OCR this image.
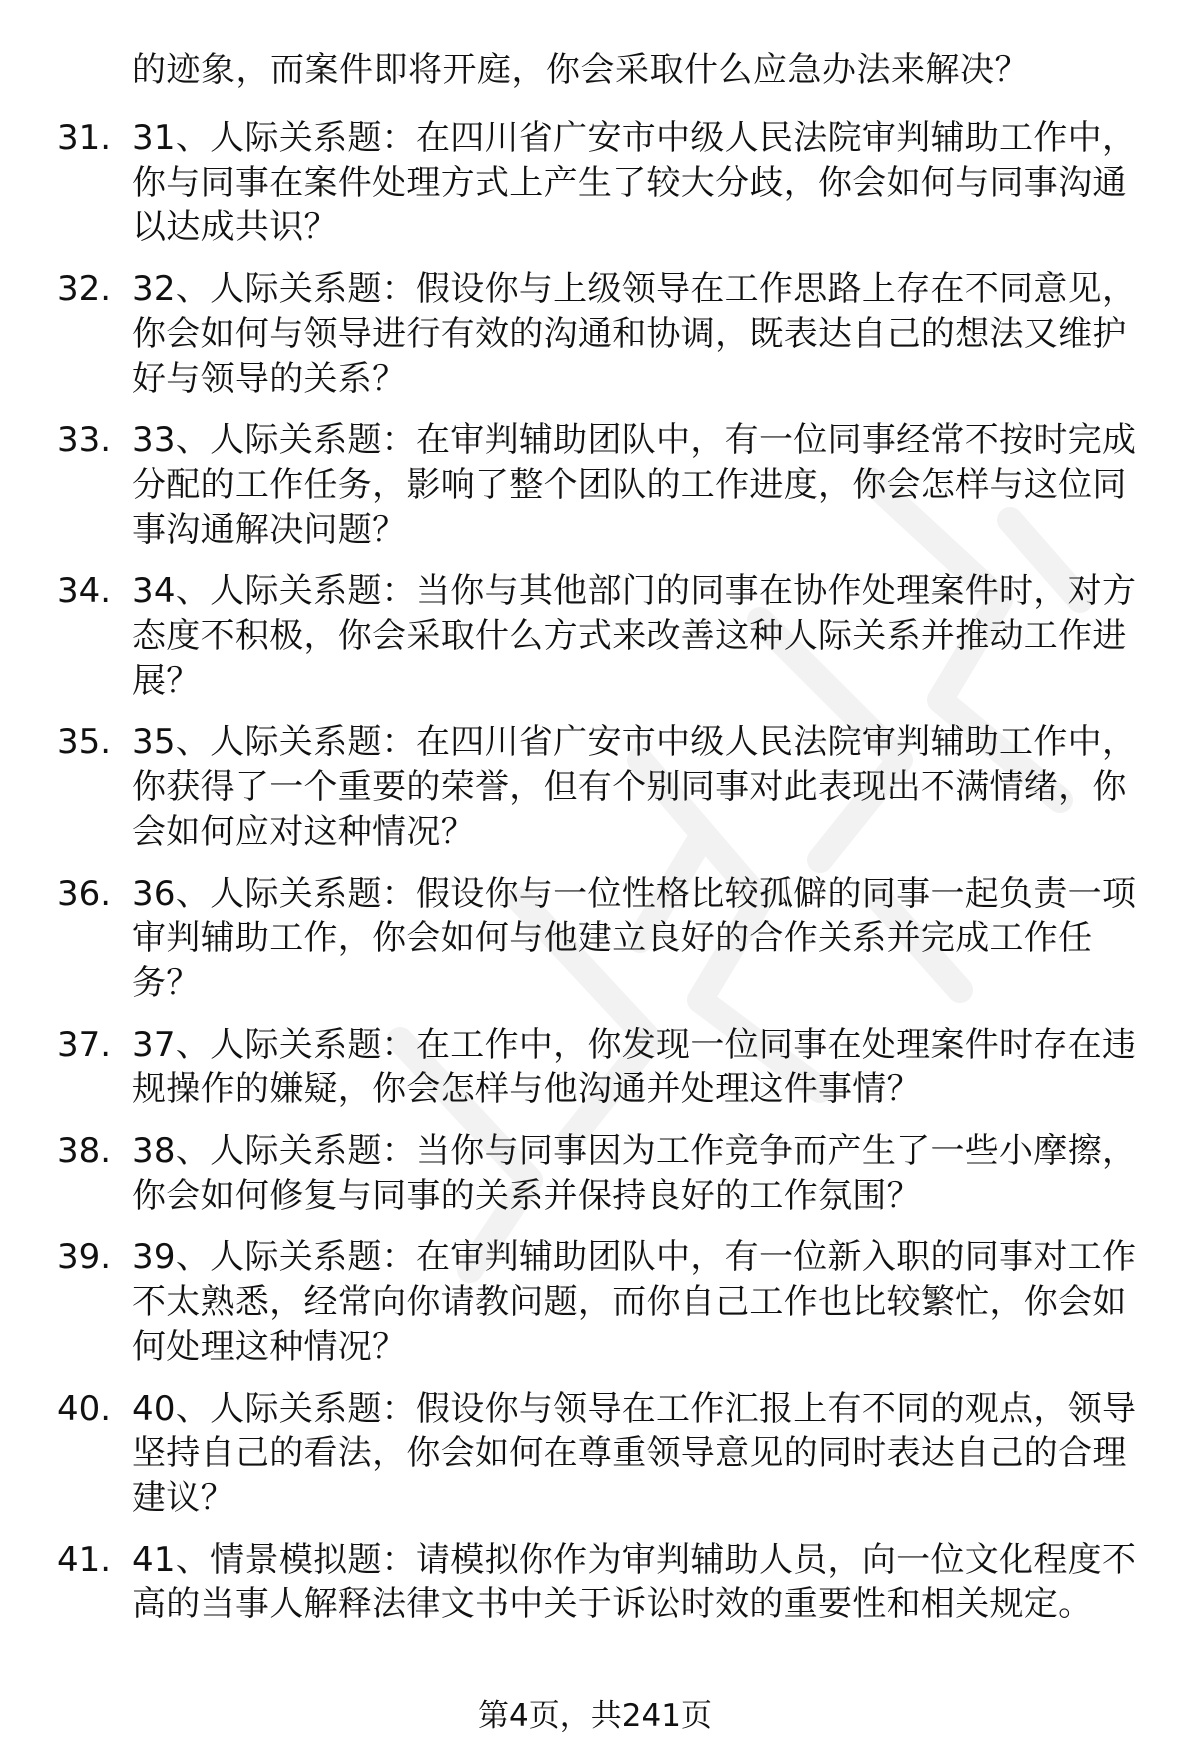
的迹象，而案件即将开庭，你会采取什么应急办法来解决？
31. 31、人际关系题：在四川省广安市中级人民法院审判辅助工作中，你与同事在案件处理方式上产生了较大分歧，你会如何与同事沟通以达成共识？
32. 32、人际关系题：假设你与上级领导在工作思路上存在不同意见，你会如何与领导进行有效的沟通和协调，既表达自己的想法又维护好与领导的关系？
33. 33、人际关系题：在审判辅助团队中，有一位同事经常不按时完成分配的工作任务，影响了整个团队的工作进度，你会怎样与这位同事沟通解决问题？
34. 34、人际关系题：当你与其他部门的同事在协作处理案件时，对方态度不积极，你会采取什么方式来改善这种人际关系并推动工作进展？
35. 35、人际关系题：在四川省广安市中级人民法院审判辅助工作中，你获得了一个重要的荣誉，但有个别同事对此表现出不满情绪，你会如何应对这种情况？
36. 36、人际关系题：假设你与一位性格比较孤僻的同事一起负责一项审判辅助工作，你会如何与他建立良好的合作关系并完成工作任务？
37. 37、人际关系题：在工作中，你发现一位同事在处理案件时存在违规操作的嫌疑，你会怎样与他沟通并处理这件事情？
38. 38、人际关系题：当你与同事因为工作竞争而产生了一些小摩擦，你会如何修复与同事的关系并保持良好的工作氛围？
39. 39、人际关系题：在审判辅助团队中，有一位新入职的同事对工作不太熟悉，经常向你请教问题，而你自己工作也比较繁忙，你会如何处理这种情况？
40. 40、人际关系题：假设你与领导在工作汇报上有不同的观点，领导坚持自己的看法，你会如何在尊重领导意见的同时表达自己的合理建议？
41. 41、情景模拟题：请模拟你作为审判辅助人员，向一位文化程度不高的当事人解释法律文书中关于诉讼时效的重要性和相关规定。
第4页，共241页
